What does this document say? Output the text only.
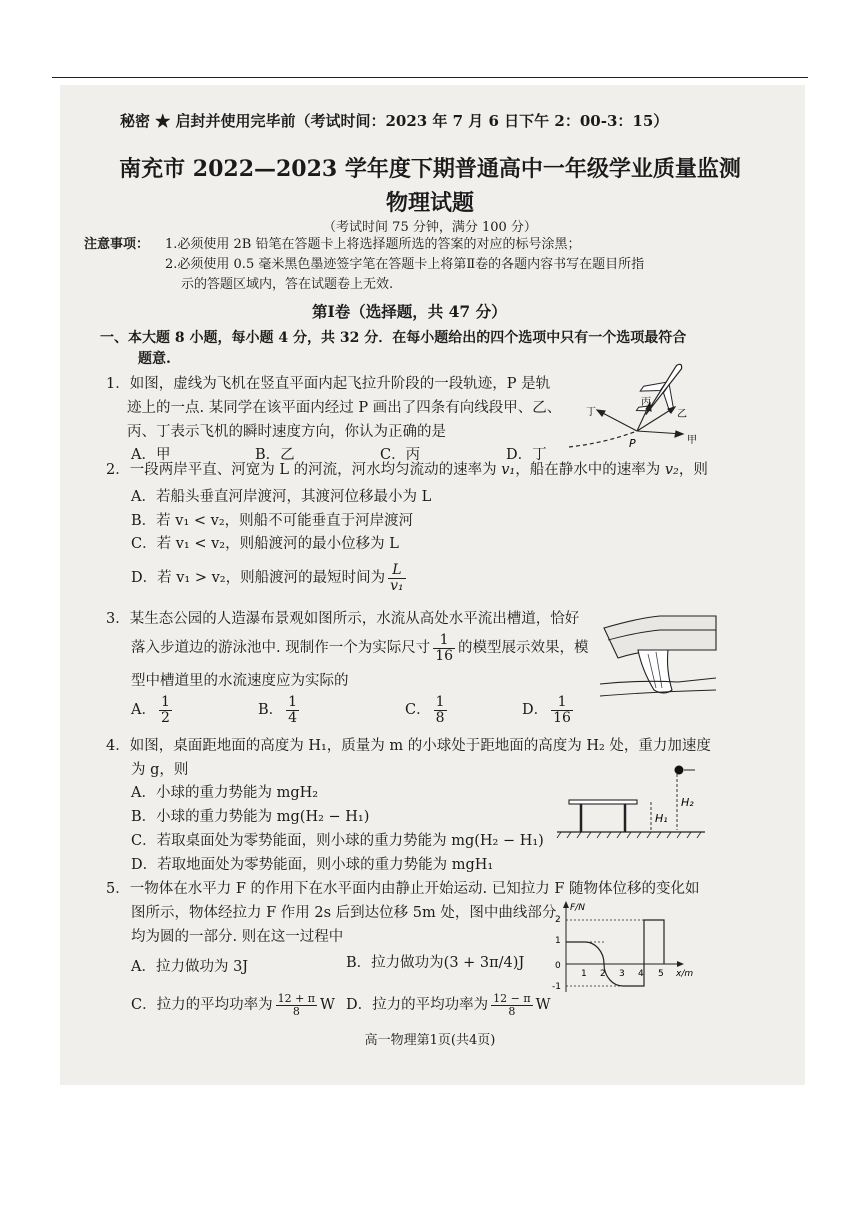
秘密 ★ 启封并使用完毕前（考试时间：2023 年 7 月 6 日下午 2：00-3：15）
南充市 2022—2023 学年度下期普通高中一年级学业质量监测
物理试题
（考试时间 75 分钟，满分 100 分）
注意事项： 1.必须使用 2B 铅笔在答题卡上将选择题所选的答案的对应的标号涂黑；
2.必须使用 0.5 毫米黑色墨迹签字笔在答题卡上将第Ⅱ卷的各题内容书写在题目所指
示的答题区域内，答在试题卷上无效.
第Ⅰ卷（选择题，共 47 分）
一、本大题 8 小题，每小题 4 分，共 32 分．在每小题给出的四个选项中只有一个选项最符合
题意.
1．如图，虚线为飞机在竖直平面内起飞拉升阶段的一段轨迹，P 是轨
迹上的一点. 某同学在该平面内经过 P 画出了四条有向线段甲、乙、
丙、丁表示飞机的瞬时速度方向，你认为正确的是
A．甲	B．乙	C．丙	D．丁
丁
丙
乙
甲
P
2．一段两岸平直、河宽为 L 的河流，河水均匀流动的速率为 v₁，船在静水中的速率为 v₂，则
A．若船头垂直河岸渡河，其渡河位移最小为 L
B．若 v₁ < v₂，则船不可能垂直于河岸渡河
C．若 v₁ < v₂，则船渡河的最小位移为 L
D．若 v₁ > v₂，则船渡河的最短时间为 $\frac{L}{\text{v₁}}$
3．某生态公园的人造瀑布景观如图所示，水流从高处水平流出槽道，恰好
落入步道边的游泳池中. 现制作一个为实际尺寸 $\frac{1}{16}$ 的模型展示效果，模
型中槽道里的水流速度应为实际的
A． $\frac{1}{2}$	B． $\frac{1}{4}$	C． $\frac{1}{8}$	D． $\frac{1}{16}$
4．如图，桌面距地面的高度为 H₁，质量为 m 的小球处于距地面的高度为 H₂ 处，重力加速度
为 g，则
A．小球的重力势能为 mgH₂
B．小球的重力势能为 mg(H₂ − H₁)
C．若取桌面处为零势能面，则小球的重力势能为 mg(H₂ − H₁)
D．若取地面处为零势能面，则小球的重力势能为 mgH₁
H₁
H₂
5．一物体在水平力 F 的作用下在水平面内由静止开始运动. 已知拉力 F 随物体位移的变化如
图所示，物体经拉力 F 作用 2s 后到达位移 5m 处，图中曲线部分
均为圆的一部分. 则在这一过程中
A．拉力做功为 3J	B．拉力做功为(3 + 3π/4)J
C．拉力的平均功率为 $\frac{12 + \pi}{8}$ W D．拉力的平均功率为 $\frac{12 - \pi}{8}$ W
F/N
x/m
2
1
0
-1
1 2 3 4 5
高一物理第1页(共4页)
